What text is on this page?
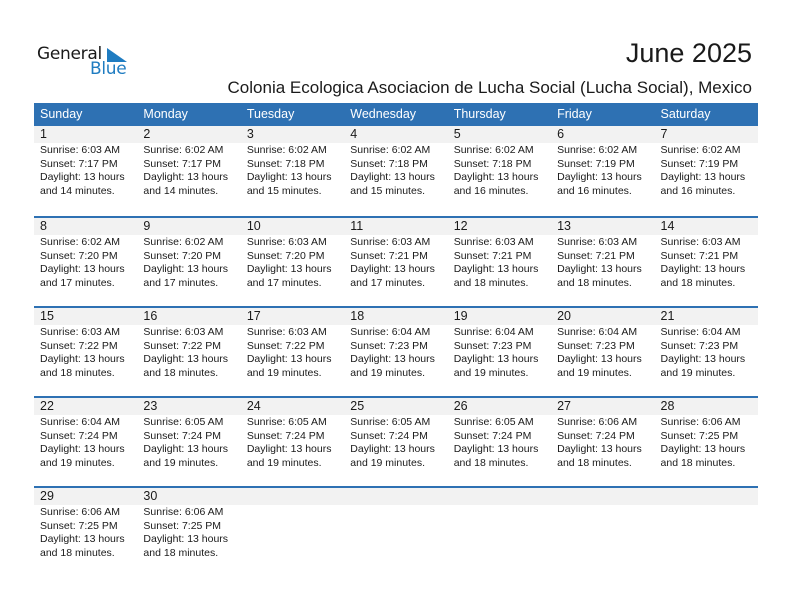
General
Blue
June 2025
Colonia Ecologica Asociacion de Lucha Social (Lucha Social), Mexico
Sunday	Monday	Tuesday	Wednesday	Thursday	Friday	Saturday
1	2	3	4	5	6	7
Sunrise: 6:03 AM
Sunset: 7:17 PM
Daylight: 13 hours
and 14 minutes.
Sunrise: 6:02 AM
Sunset: 7:17 PM
Daylight: 13 hours
and 14 minutes.
Sunrise: 6:02 AM
Sunset: 7:18 PM
Daylight: 13 hours
and 15 minutes.
Sunrise: 6:02 AM
Sunset: 7:18 PM
Daylight: 13 hours
and 15 minutes.
Sunrise: 6:02 AM
Sunset: 7:18 PM
Daylight: 13 hours
and 16 minutes.
Sunrise: 6:02 AM
Sunset: 7:19 PM
Daylight: 13 hours
and 16 minutes.
Sunrise: 6:02 AM
Sunset: 7:19 PM
Daylight: 13 hours
and 16 minutes.
8	9	10	11	12	13	14
Sunrise: 6:02 AM
Sunset: 7:20 PM
Daylight: 13 hours
and 17 minutes.
Sunrise: 6:02 AM
Sunset: 7:20 PM
Daylight: 13 hours
and 17 minutes.
Sunrise: 6:03 AM
Sunset: 7:20 PM
Daylight: 13 hours
and 17 minutes.
Sunrise: 6:03 AM
Sunset: 7:21 PM
Daylight: 13 hours
and 17 minutes.
Sunrise: 6:03 AM
Sunset: 7:21 PM
Daylight: 13 hours
and 18 minutes.
Sunrise: 6:03 AM
Sunset: 7:21 PM
Daylight: 13 hours
and 18 minutes.
Sunrise: 6:03 AM
Sunset: 7:21 PM
Daylight: 13 hours
and 18 minutes.
15	16	17	18	19	20	21
Sunrise: 6:03 AM
Sunset: 7:22 PM
Daylight: 13 hours
and 18 minutes.
Sunrise: 6:03 AM
Sunset: 7:22 PM
Daylight: 13 hours
and 18 minutes.
Sunrise: 6:03 AM
Sunset: 7:22 PM
Daylight: 13 hours
and 19 minutes.
Sunrise: 6:04 AM
Sunset: 7:23 PM
Daylight: 13 hours
and 19 minutes.
Sunrise: 6:04 AM
Sunset: 7:23 PM
Daylight: 13 hours
and 19 minutes.
Sunrise: 6:04 AM
Sunset: 7:23 PM
Daylight: 13 hours
and 19 minutes.
Sunrise: 6:04 AM
Sunset: 7:23 PM
Daylight: 13 hours
and 19 minutes.
22	23	24	25	26	27	28
Sunrise: 6:04 AM
Sunset: 7:24 PM
Daylight: 13 hours
and 19 minutes.
Sunrise: 6:05 AM
Sunset: 7:24 PM
Daylight: 13 hours
and 19 minutes.
Sunrise: 6:05 AM
Sunset: 7:24 PM
Daylight: 13 hours
and 19 minutes.
Sunrise: 6:05 AM
Sunset: 7:24 PM
Daylight: 13 hours
and 19 minutes.
Sunrise: 6:05 AM
Sunset: 7:24 PM
Daylight: 13 hours
and 18 minutes.
Sunrise: 6:06 AM
Sunset: 7:24 PM
Daylight: 13 hours
and 18 minutes.
Sunrise: 6:06 AM
Sunset: 7:25 PM
Daylight: 13 hours
and 18 minutes.
29	30
Sunrise: 6:06 AM
Sunset: 7:25 PM
Daylight: 13 hours
and 18 minutes.
Sunrise: 6:06 AM
Sunset: 7:25 PM
Daylight: 13 hours
and 18 minutes.
